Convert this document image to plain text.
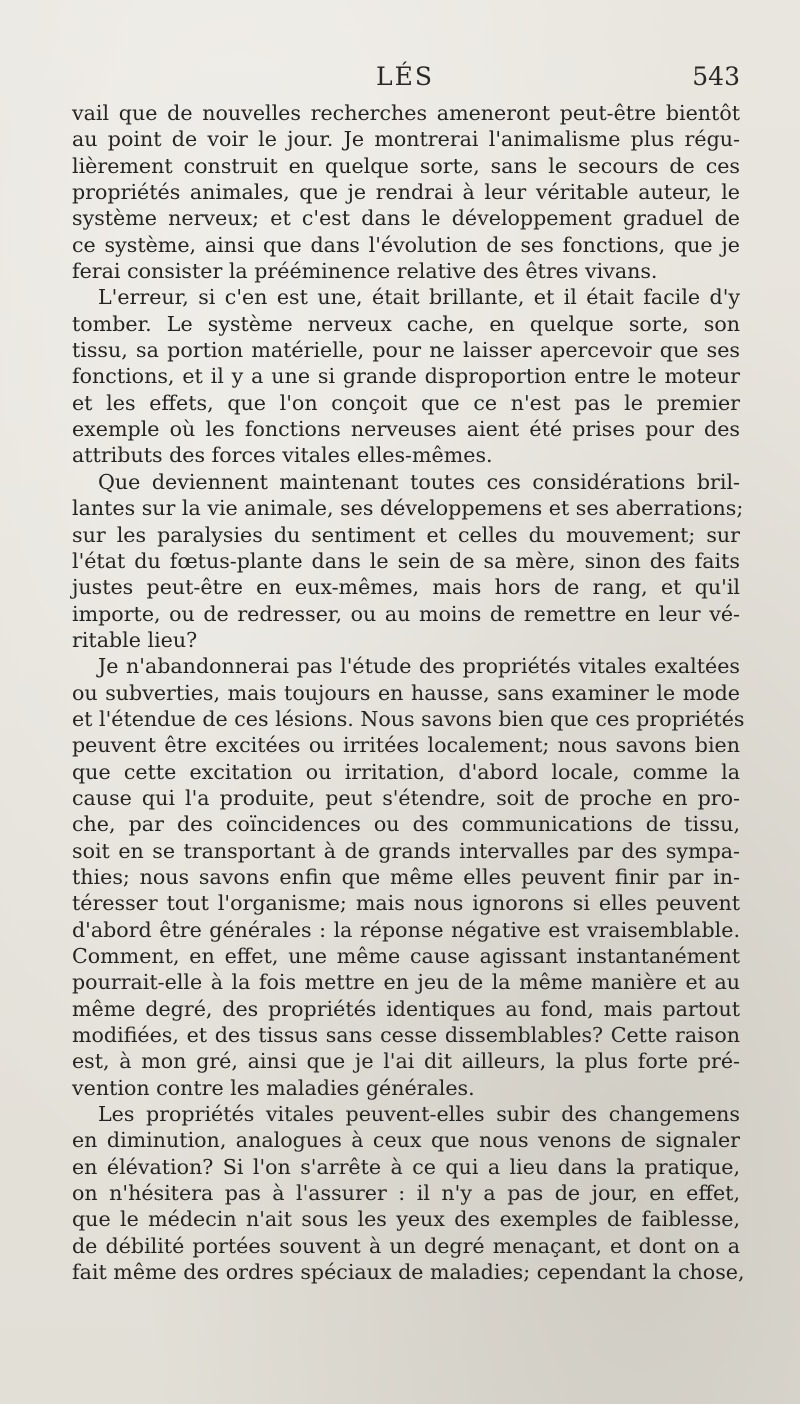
LÉS	543
vail que de nouvelles recherches ameneront peut-être bientôt
au point de voir le jour. Je montrerai l'animalisme plus régu-
lièrement construit en quelque sorte, sans le secours de ces
propriétés animales, que je rendrai à leur véritable auteur, le
système nerveux; et c'est dans le développement graduel de
ce système, ainsi que dans l'évolution de ses fonctions, que je
ferai consister la prééminence relative des êtres vivans.
L'erreur, si c'en est une, était brillante, et il était facile d'y
tomber. Le système nerveux cache, en quelque sorte, son
tissu, sa portion matérielle, pour ne laisser apercevoir que ses
fonctions, et il y a une si grande disproportion entre le moteur
et les effets, que l'on conçoit que ce n'est pas le premier
exemple où les fonctions nerveuses aient été prises pour des
attributs des forces vitales elles-mêmes.
Que deviennent maintenant toutes ces considérations bril-
lantes sur la vie animale, ses développemens et ses aberrations;
sur les paralysies du sentiment et celles du mouvement; sur
l'état du fœtus-plante dans le sein de sa mère, sinon des faits
justes peut-être en eux-mêmes, mais hors de rang, et qu'il
importe, ou de redresser, ou au moins de remettre en leur vé-
ritable lieu?
Je n'abandonnerai pas l'étude des propriétés vitales exaltées
ou subverties, mais toujours en hausse, sans examiner le mode
et l'étendue de ces lésions. Nous savons bien que ces propriétés
peuvent être excitées ou irritées localement; nous savons bien
que cette excitation ou irritation, d'abord locale, comme la
cause qui l'a produite, peut s'étendre, soit de proche en pro-
che, par des coïncidences ou des communications de tissu,
soit en se transportant à de grands intervalles par des sympa-
thies; nous savons enfin que même elles peuvent finir par in-
téresser tout l'organisme; mais nous ignorons si elles peuvent
d'abord être générales : la réponse négative est vraisemblable.
Comment, en effet, une même cause agissant instantanément
pourrait-elle à la fois mettre en jeu de la même manière et au
même degré, des propriétés identiques au fond, mais partout
modifiées, et des tissus sans cesse dissemblables? Cette raison
est, à mon gré, ainsi que je l'ai dit ailleurs, la plus forte pré-
vention contre les maladies générales.
Les propriétés vitales peuvent-elles subir des changemens
en diminution, analogues à ceux que nous venons de signaler
en élévation? Si l'on s'arrête à ce qui a lieu dans la pratique,
on n'hésitera pas à l'assurer : il n'y a pas de jour, en effet,
que le médecin n'ait sous les yeux des exemples de faiblesse,
de débilité portées souvent à un degré menaçant, et dont on a
fait même des ordres spéciaux de maladies; cependant la chose,
